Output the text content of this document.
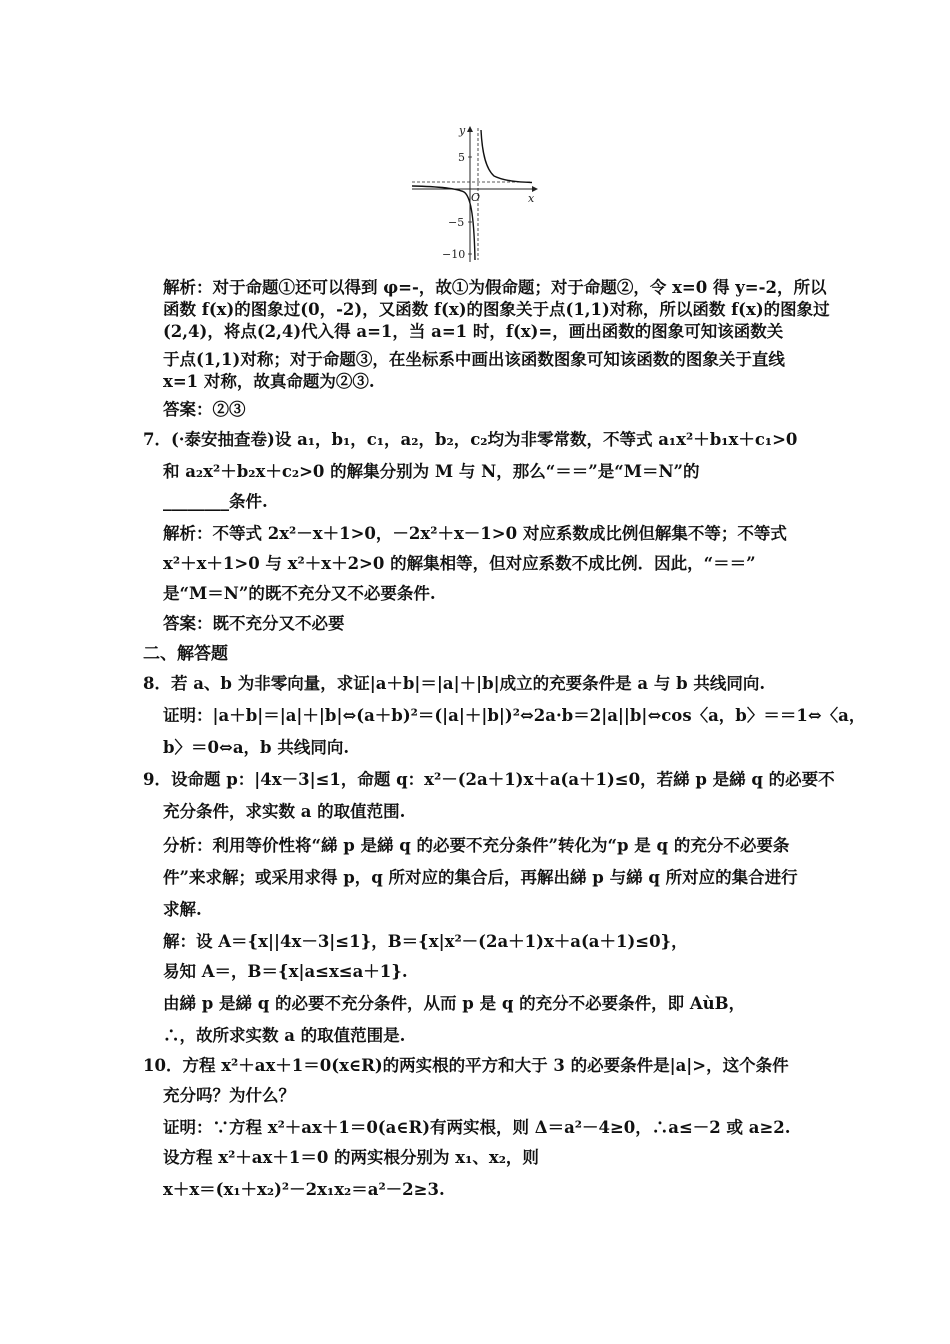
y
x
O
5
−5
−10
解析：对于命题①还可以得到 φ=-，故①为假命题；对于命题②，令 x=0 得 y=-2，所以
函数 f(x)的图象过(0，-2)，又函数 f(x)的图象关于点(1,1)对称，所以函数 f(x)的图象过
(2,4)，将点(2,4)代入得 a=1，当 a=1 时，f(x)=，画出函数的图象可知该函数关
于点(1,1)对称；对于命题③，在坐标系中画出该函数图象可知该函数的图象关于直线
x=1 对称，故真命题为②③.
答案：②③
7．(·泰安抽查卷)设 a₁，b₁，c₁，a₂，b₂，c₂均为非零常数，不等式 a₁x²＋b₁x＋c₁>0
和 a₂x²＋b₂x＋c₂>0 的解集分别为 M 与 N，那么“＝＝”是“M＝N”的
________条件.
解析：不等式 2x²－x＋1>0，－2x²＋x－1>0 对应系数成比例但解集不等；不等式
x²＋x＋1>0 与 x²＋x＋2>0 的解集相等，但对应系数不成比例．因此，“＝＝”
是“M＝N”的既不充分又不必要条件.
答案：既不充分又不必要
二、解答题
8．若 a、b 为非零向量，求证|a＋b|＝|a|＋|b|成立的充要条件是 a 与 b 共线同向.
证明：|a＋b|＝|a|＋|b|⇔(a＋b)²＝(|a|＋|b|)²⇔2a·b＝2|a||b|⇔cos〈a，b〉＝＝1⇔〈a，
b〉＝0⇔a，b 共线同向.
9．设命题 p：|4x－3|≤1，命题 q：x²－(2a＋1)x＋a(a＋1)≤0，若綈 p 是綈 q 的必要不
充分条件，求实数 a 的取值范围.
分析：利用等价性将“綈 p 是綈 q 的必要不充分条件”转化为“p 是 q 的充分不必要条
件”来求解；或采用求得 p，q 所对应的集合后，再解出綈 p 与綈 q 所对应的集合进行
求解.
解：设 A＝{x||4x－3|≤1}，B＝{x|x²－(2a＋1)x＋a(a＋1)≤0}，
易知 A＝，B＝{x|a≤x≤a＋1}.
由綈 p 是綈 q 的必要不充分条件，从而 p 是 q 的充分不必要条件，即 AùB，
∴，故所求实数 a 的取值范围是.
10．方程 x²＋ax＋1＝0(x∈R)的两实根的平方和大于 3 的必要条件是|a|>，这个条件
充分吗？为什么？
证明：∵方程 x²＋ax＋1＝0(a∈R)有两实根，则 Δ＝a²－4≥0，∴a≤－2 或 a≥2.
设方程 x²＋ax＋1＝0 的两实根分别为 x₁、x₂，则
x＋x＝(x₁＋x₂)²－2x₁x₂＝a²－2≥3.
